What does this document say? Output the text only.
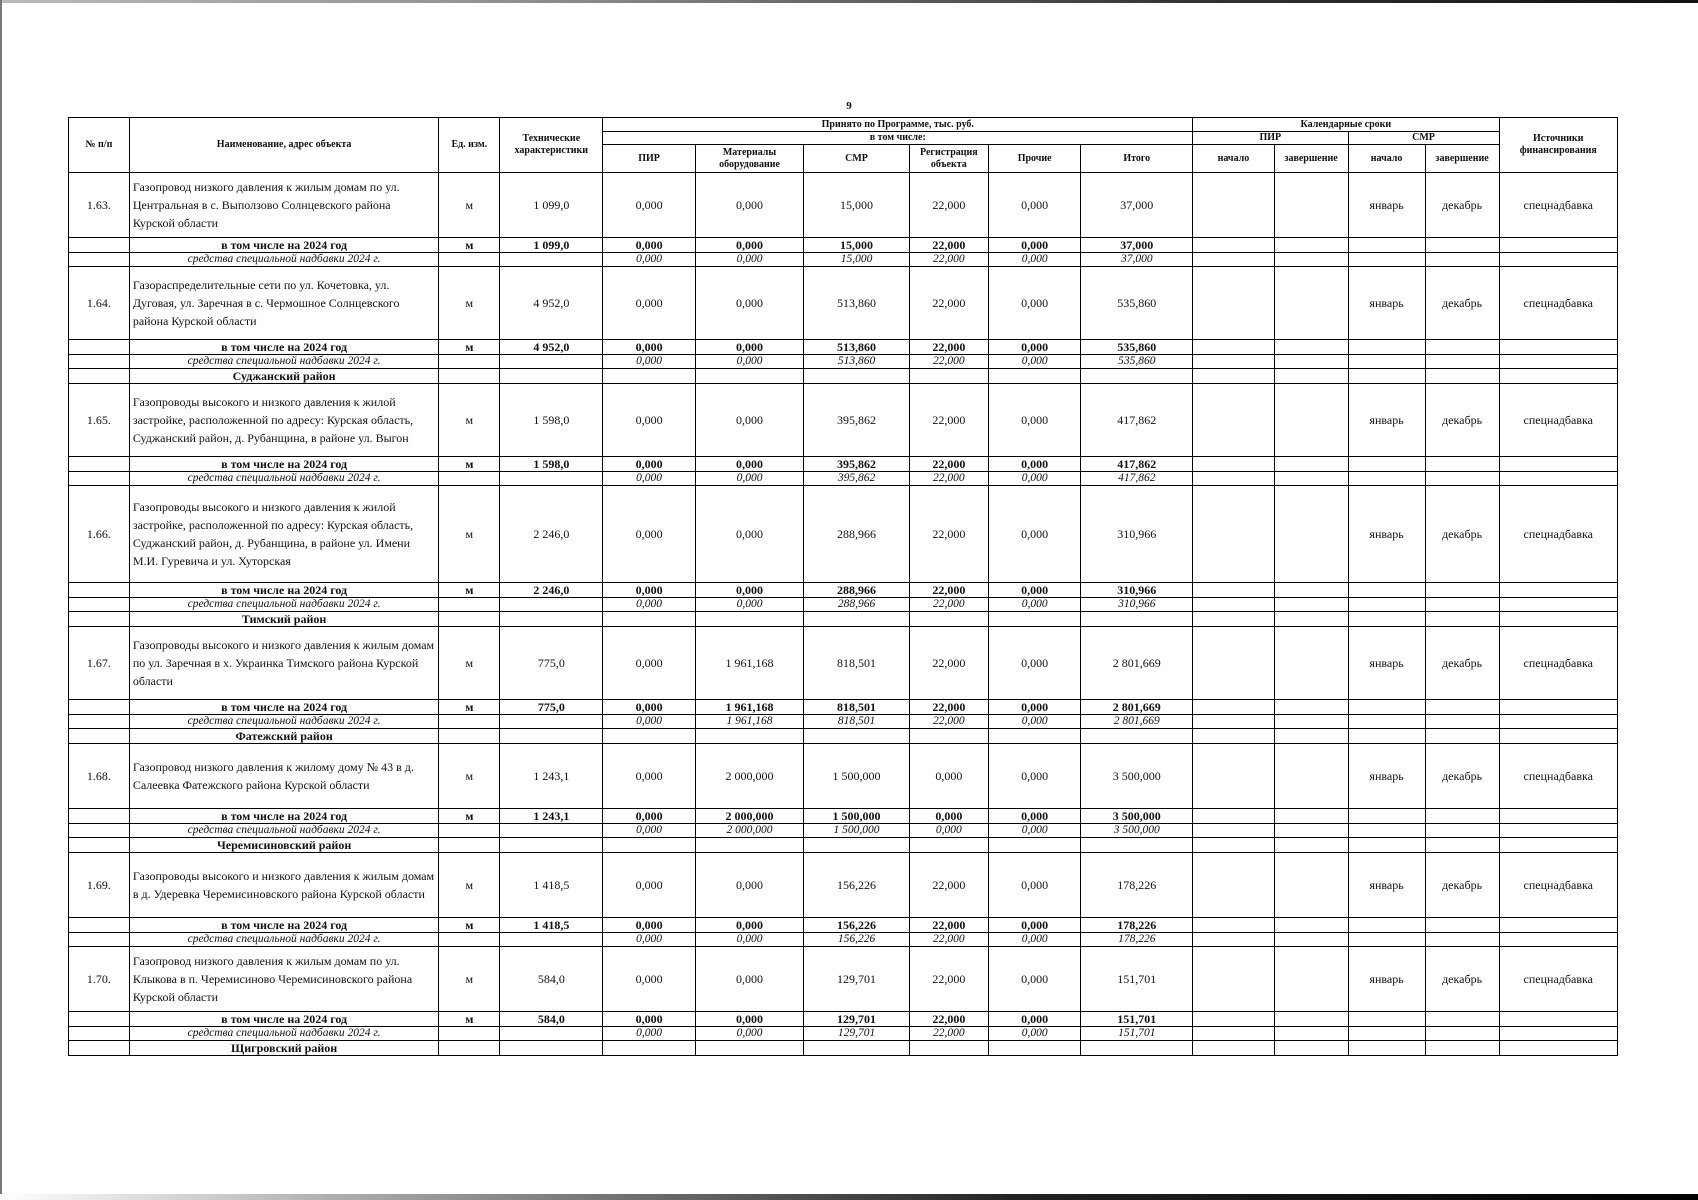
9
№ п/п	Наименование, адрес объекта	Ед. изм.	Технические характеристики	Принято по Программе, тыс. руб.						Календарные сроки				Источники финансирования
				в том числе:						ПИР		СМР		
				ПИР	Материалы оборудование	СМР	Регистрация объекта	Прочие	Итого	начало	завершение	начало	завершение	
1.63.	Газопровод низкого давления к жилым домам по ул. Центральная в с. Выползово Солнцевского района Курской области	м	1 099,0	0,000	0,000	15,000	22,000	0,000	37,000			январь	декабрь	спецнадбавка
	в том числе на 2024 год	м	1 099,0	0,000	0,000	15,000	22,000	0,000	37,000					
	средства специальной надбавки 2024 г.			0,000	0,000	15,000	22,000	0,000	37,000					
1.64.	Газораспределительные сети по ул. Кочетовка, ул. Дуговая, ул. Заречная в с. Чермошное Солнцевского района Курской области	м	4 952,0	0,000	0,000	513,860	22,000	0,000	535,860			январь	декабрь	спецнадбавка
	в том числе на 2024 год	м	4 952,0	0,000	0,000	513,860	22,000	0,000	535,860					
	средства специальной надбавки 2024 г.			0,000	0,000	513,860	22,000	0,000	535,860					
	Суджанский район													
1.65.	Газопроводы высокого и низкого давления к жилой застройке, расположенной по адресу: Курская область, Суджанский район, д. Рубанщина, в районе ул. Выгон	м	1 598,0	0,000	0,000	395,862	22,000	0,000	417,862			январь	декабрь	спецнадбавка
	в том числе на 2024 год	м	1 598,0	0,000	0,000	395,862	22,000	0,000	417,862					
	средства специальной надбавки 2024 г.			0,000	0,000	395,862	22,000	0,000	417,862					
1.66.	Газопроводы высокого и низкого давления к жилой застройке, расположенной по адресу: Курская область, Суджанский район, д. Рубанщина, в районе ул. Имени М.И. Гуревича и ул. Хуторская	м	2 246,0	0,000	0,000	288,966	22,000	0,000	310,966			январь	декабрь	спецнадбавка
	в том числе на 2024 год	м	2 246,0	0,000	0,000	288,966	22,000	0,000	310,966					
	средства специальной надбавки 2024 г.			0,000	0,000	288,966	22,000	0,000	310,966					
	Тимский район													
1.67.	Газопроводы высокого и низкого давления к жилым домам по ул. Заречная в х. Украинка Тимского района Курской области	м	775,0	0,000	1 961,168	818,501	22,000	0,000	2 801,669			январь	декабрь	спецнадбавка
	в том числе на 2024 год	м	775,0	0,000	1 961,168	818,501	22,000	0,000	2 801,669					
	средства специальной надбавки 2024 г.			0,000	1 961,168	818,501	22,000	0,000	2 801,669					
	Фатежский район													
1.68.	Газопровод низкого давления к жилому дому № 43 в д. Салеевка Фатежского района Курской области	м	1 243,1	0,000	2 000,000	1 500,000	0,000	0,000	3 500,000			январь	декабрь	спецнадбавка
	в том числе на 2024 год	м	1 243,1	0,000	2 000,000	1 500,000	0,000	0,000	3 500,000					
	средства специальной надбавки 2024 г.			0,000	2 000,000	1 500,000	0,000	0,000	3 500,000					
	Черемисиновский район													
1.69.	Газопроводы высокого и низкого давления к жилым домам в д. Удеревка Черемисиновского района Курской области	м	1 418,5	0,000	0,000	156,226	22,000	0,000	178,226			январь	декабрь	спецнадбавка
	в том числе на 2024 год	м	1 418,5	0,000	0,000	156,226	22,000	0,000	178,226					
	средства специальной надбавки 2024 г.			0,000	0,000	156,226	22,000	0,000	178,226					
1.70.	Газопровод низкого давления к жилым домам по ул. Клыкова в п. Черемисиново Черемисиновского района Курской области	м	584,0	0,000	0,000	129,701	22,000	0,000	151,701			январь	декабрь	спецнадбавка
	в том числе на 2024 год	м	584,0	0,000	0,000	129,701	22,000	0,000	151,701					
	средства специальной надбавки 2024 г.			0,000	0,000	129,701	22,000	0,000	151,701					
	Щигровский район													
